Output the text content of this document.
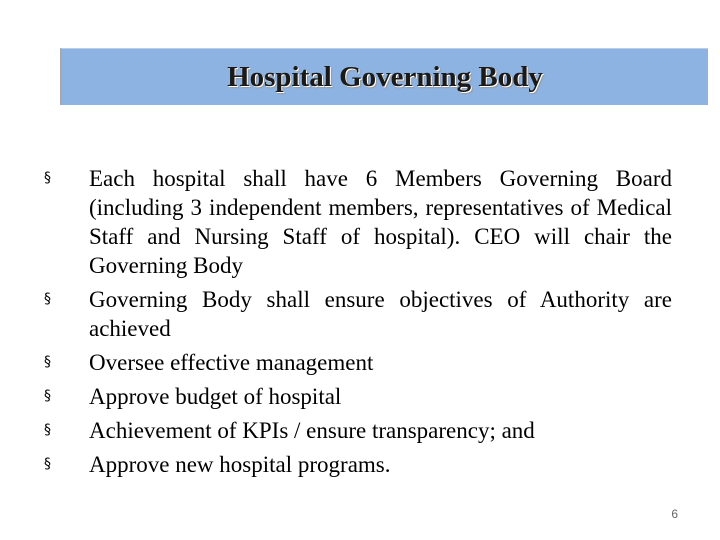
Hospital Governing Body
§ Each hospital shall have 6 Members Governing Board (including 3 independent members, representatives of Medical Staff and Nursing Staff of hospital). CEO will chair the Governing Body
§ Governing Body shall ensure objectives of Authority are achieved
§ Oversee effective management
§ Approve budget of hospital
§ Achievement of KPIs / ensure transparency; and
§ Approve new hospital programs.
6
